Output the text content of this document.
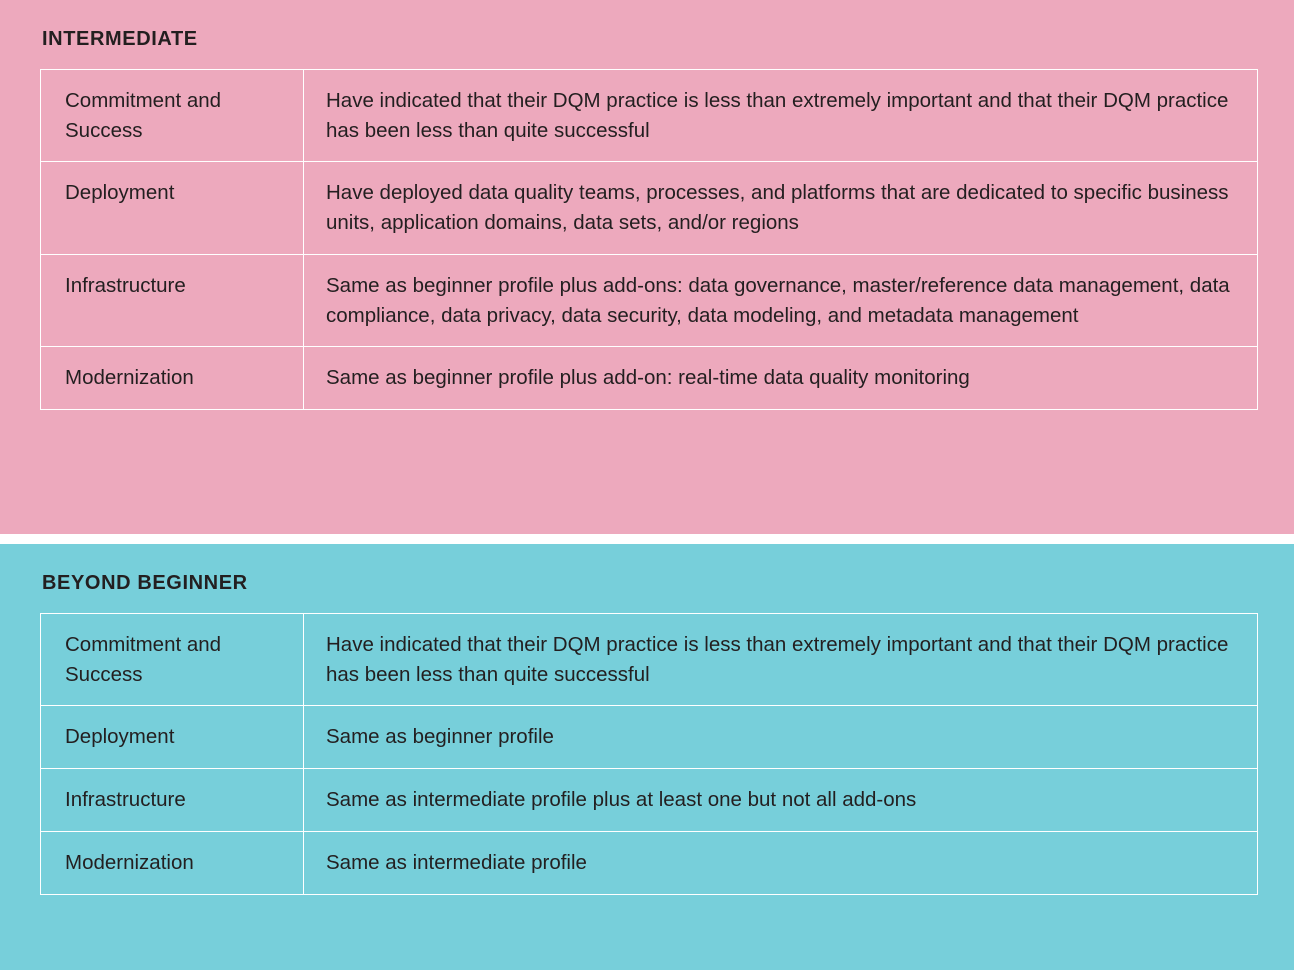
INTERMEDIATE
Commitment and Success	Have indicated that their DQM practice is less than extremely important and that their DQM practice has been less than quite successful
Deployment	Have deployed data quality teams, processes, and platforms that are dedicated to specific business units, application domains, data sets, and/or regions
Infrastructure	Same as beginner profile plus add-ons: data governance, master/reference data management, data compliance, data privacy, data security, data modeling, and metadata management
Modernization	Same as beginner profile plus add-on: real-time data quality monitoring
BEYOND BEGINNER
Commitment and Success	Have indicated that their DQM practice is less than extremely important and that their DQM practice has been less than quite successful
Deployment	Same as beginner profile
Infrastructure	Same as intermediate profile plus at least one but not all add-ons
Modernization	Same as intermediate profile
